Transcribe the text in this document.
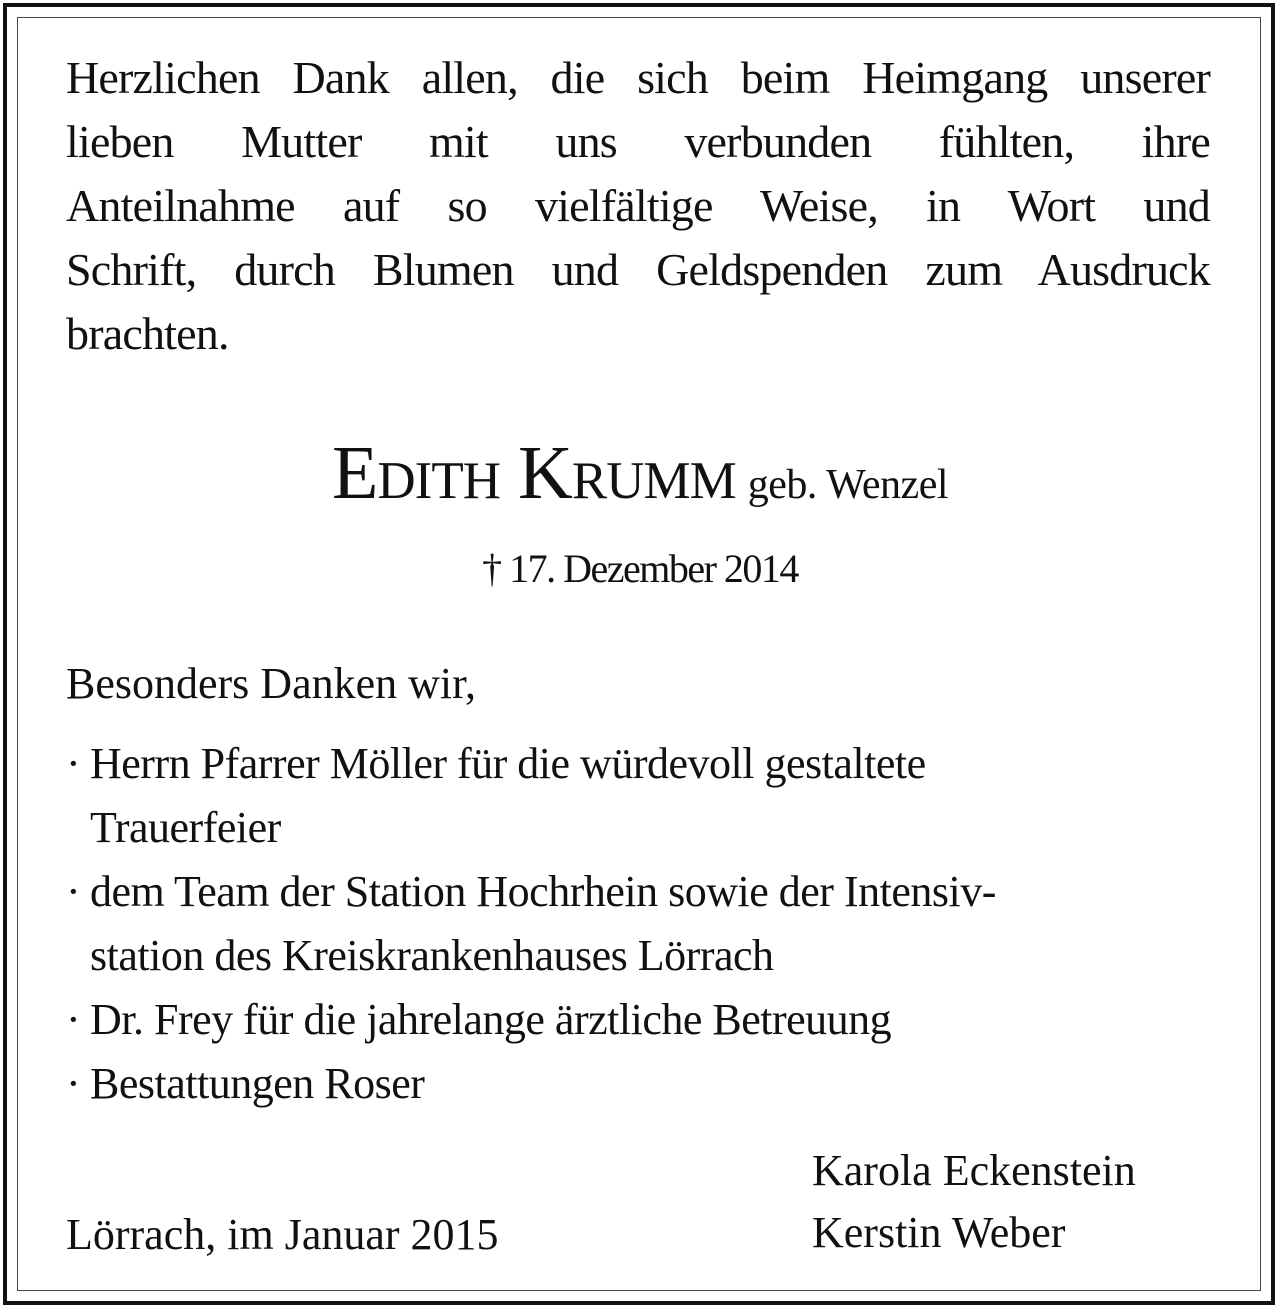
Herzlichen Dank allen, die sich beim Heimgang unserer
lieben Mutter mit uns verbunden fühlten, ihre
Anteilnahme auf so vielfältige Weise, in Wort und
Schrift, durch Blumen und Geldspenden zum Ausdruck
brachten.
Edith Krumm geb. Wenzel
† 17. Dezember 2014
Besonders Danken wir,
· Herrn Pfarrer Möller für die würdevoll gestaltete
Trauerfeier
· dem Team der Station Hochrhein sowie der Intensiv-
station des Kreiskrankenhauses Lörrach
· Dr. Frey für die jahrelange ärztliche Betreuung
· Bestattungen Roser
Karola Eckenstein
Kerstin Weber
Lörrach, im Januar 2015
